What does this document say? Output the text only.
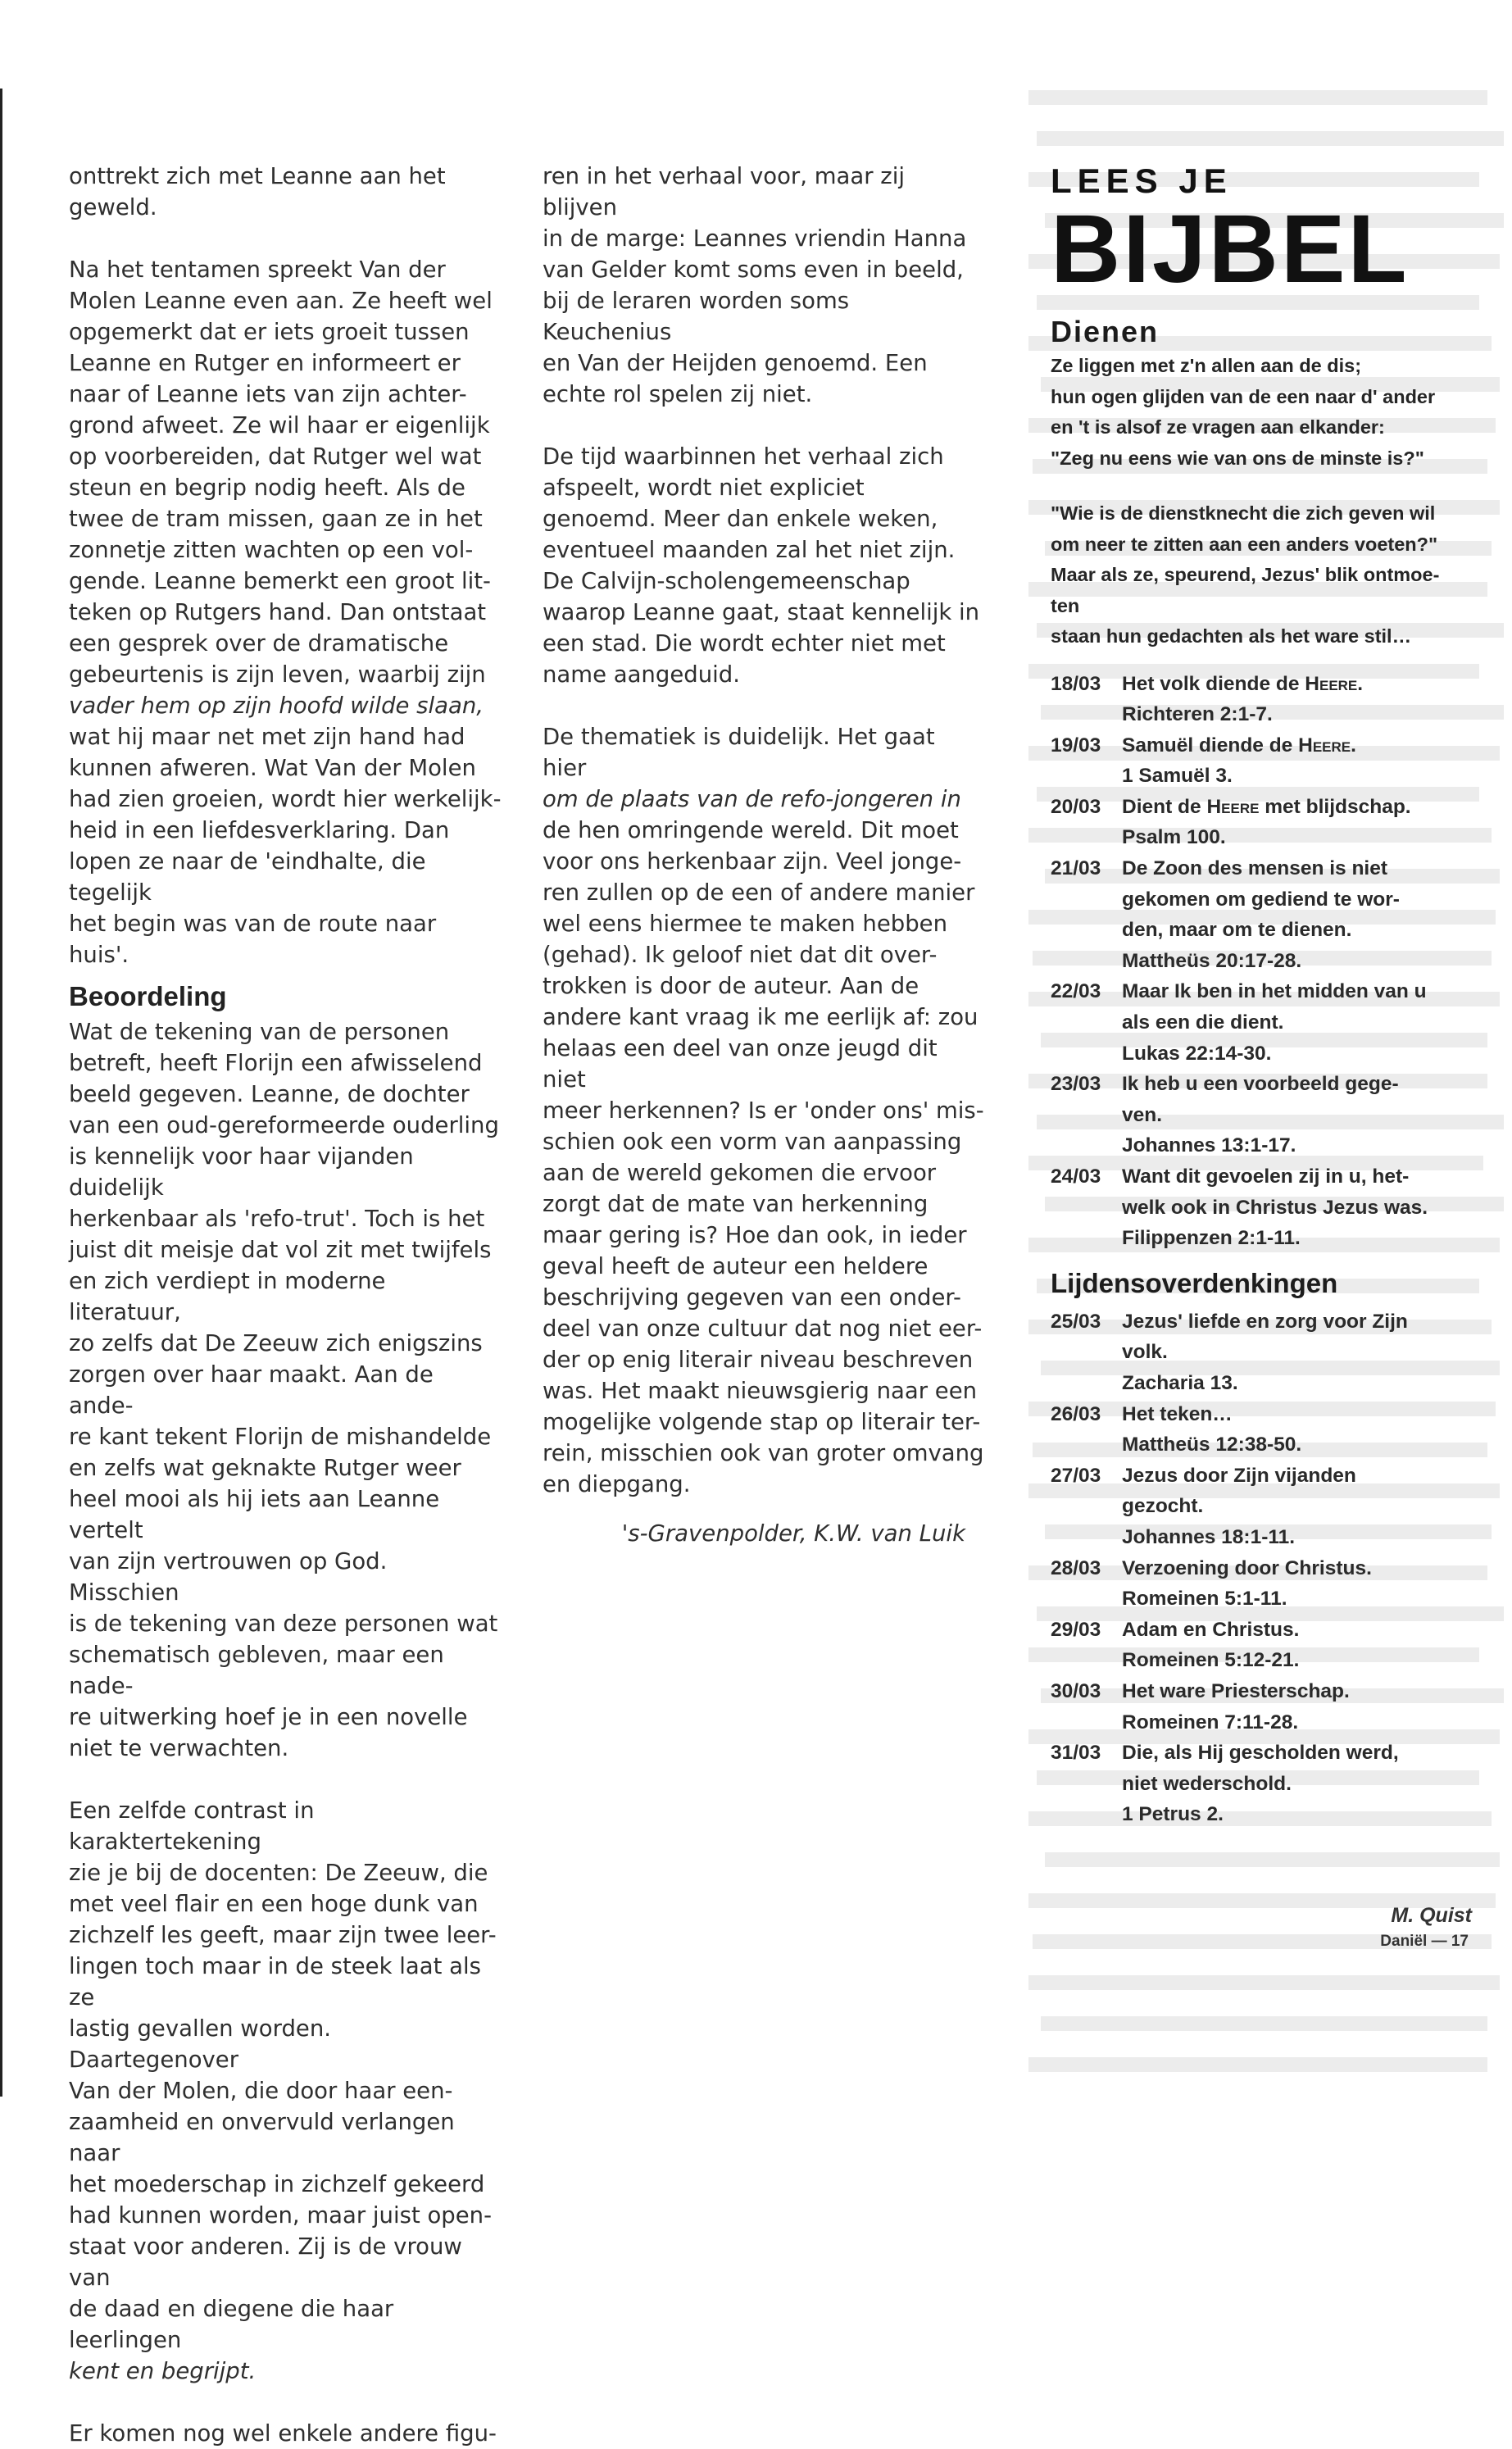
onttrekt zich met Leanne aan het
geweld.

Na het tentamen spreekt Van der
Molen Leanne even aan. Ze heeft wel
opgemerkt dat er iets groeit tussen
Leanne en Rutger en informeert er
naar of Leanne iets van zijn achter-
grond afweet. Ze wil haar er eigenlijk
op voorbereiden, dat Rutger wel wat
steun en begrip nodig heeft. Als de
twee de tram missen, gaan ze in het
zonnetje zitten wachten op een vol-
gende. Leanne bemerkt een groot lit-
teken op Rutgers hand. Dan ontstaat
een gesprek over de dramatische
gebeurtenis is zijn leven, waarbij zijn
vader hem op zijn hoofd wilde slaan,
wat hij maar net met zijn hand had
kunnen afweren. Wat Van der Molen
had zien groeien, wordt hier werkelijk-
heid in een liefdesverklaring. Dan
lopen ze naar de 'eindhalte, die tegelijk
het begin was van de route naar huis'.

Beoordeling

Wat de tekening van de personen
betreft, heeft Florijn een afwisselend
beeld gegeven. Leanne, de dochter
van een oud-gereformeerde ouderling
is kennelijk voor haar vijanden duidelijk
herkenbaar als 'refo-trut'. Toch is het
juist dit meisje dat vol zit met twijfels
en zich verdiept in moderne literatuur,
zo zelfs dat De Zeeuw zich enigszins
zorgen over haar maakt. Aan de ande-
re kant tekent Florijn de mishandelde
en zelfs wat geknakte Rutger weer
heel mooi als hij iets aan Leanne vertelt
van zijn vertrouwen op God. Misschien
is de tekening van deze personen wat
schematisch gebleven, maar een nade-
re uitwerking hoef je in een novelle
niet te verwachten.

Een zelfde contrast in karaktertekening
zie je bij de docenten: De Zeeuw, die
met veel flair en een hoge dunk van
zichzelf les geeft, maar zijn twee leer-
lingen toch maar in de steek laat als ze
lastig gevallen worden. Daartegenover
Van der Molen, die door haar een-
zaamheid en onvervuld verlangen naar
het moederschap in zichzelf gekeerd
had kunnen worden, maar juist open-
staat voor anderen. Zij is de vrouw van
de daad en diegene die haar leerlingen
kent en begrijpt.

Er komen nog wel enkele andere figu-

ren in het verhaal voor, maar zij blijven
in de marge: Leannes vriendin Hanna
van Gelder komt soms even in beeld,
bij de leraren worden soms Keuchenius
en Van der Heijden genoemd. Een
echte rol spelen zij niet.

De tijd waarbinnen het verhaal zich
afspeelt, wordt niet expliciet
genoemd. Meer dan enkele weken,
eventueel maanden zal het niet zijn.
De Calvijn-scholengemeenschap
waarop Leanne gaat, staat kennelijk in
een stad. Die wordt echter niet met
name aangeduid.

De thematiek is duidelijk. Het gaat hier
om de plaats van de refo-jongeren in
de hen omringende wereld. Dit moet
voor ons herkenbaar zijn. Veel jonge-
ren zullen op de een of andere manier
wel eens hiermee te maken hebben
(gehad). Ik geloof niet dat dit over-
trokken is door de auteur. Aan de
andere kant vraag ik me eerlijk af: zou
helaas een deel van onze jeugd dit niet
meer herkennen? Is er 'onder ons' mis-
schien ook een vorm van aanpassing
aan de wereld gekomen die ervoor
zorgt dat de mate van herkenning
maar gering is? Hoe dan ook, in ieder
geval heeft de auteur een heldere
beschrijving gegeven van een onder-
deel van onze cultuur dat nog niet eer-
der op enig literair niveau beschreven
was. Het maakt nieuwsgierig naar een
mogelijke volgende stap op literair ter-
rein, misschien ook van groter omvang
en diepgang.

's-Gravenpolder, K.W. van Luik

LEES JE
BIJBEL
Dienen
Ze liggen met z'n allen aan de dis;
hun ogen glijden van de een naar d' ander
en 't is alsof ze vragen aan elkander:
"Zeg nu eens wie van ons de minste is?"
"Wie is de dienstknecht die zich geven wil
om neer te zitten aan een anders voeten?"
Maar als ze, speurend, Jezus' blik ontmoe-
ten
staan hun gedachten als het ware stil…
18/03	Het volk diende de Heere.
Richteren 2:1-7.
19/03	Samuël diende de Heere.
1 Samuël 3.
20/03	Dient de Heere met blijdschap.
Psalm 100.
21/03	De Zoon des mensen is niet
gekomen om gediend te wor-
den, maar om te dienen.
Mattheüs 20:17-28.
22/03	Maar Ik ben in het midden van u
als een die dient.
Lukas 22:14-30.
23/03	Ik heb u een voorbeeld gege-
ven.
Johannes 13:1-17.
24/03	Want dit gevoelen zij in u, het-
welk ook in Christus Jezus was.
Filippenzen 2:1-11.
Lijdensoverdenkingen
25/03	Jezus' liefde en zorg voor Zijn
volk.
Zacharia 13.
26/03	Het teken…
Mattheüs 12:38-50.
27/03	Jezus door Zijn vijanden
gezocht.
Johannes 18:1-11.
28/03	Verzoening door Christus.
Romeinen 5:1-11.
29/03	Adam en Christus.
Romeinen 5:12-21.
30/03	Het ware Priesterschap.
Romeinen 7:11-28.
31/03	Die, als Hij gescholden werd,
niet wederschold.
1 Petrus 2.
M. Quist
Daniël — 17
